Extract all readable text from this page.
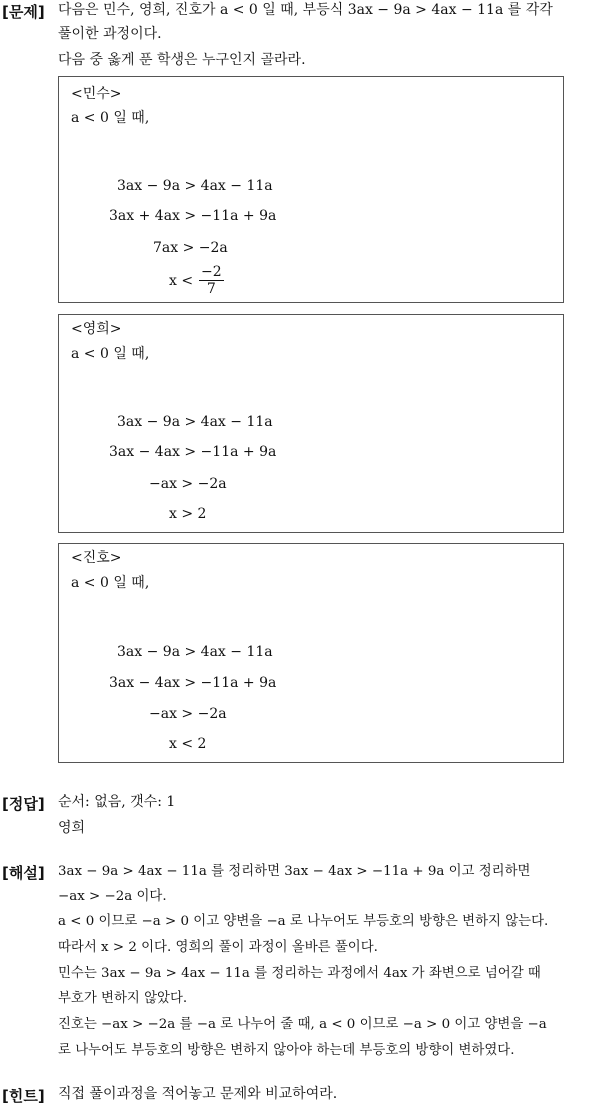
[문제] 다음은 민수, 영희, 진호가 a < 0 일 때, 부등식 3ax − 9a > 4ax − 11a 를 각각
풀이한 과정이다.
다음 중 옳게 푼 학생은 누구인지 골라라.
<민수>
a < 0 일 때,
3ax − 9a > 4ax − 11a
3ax + 4ax > −11a + 9a
7ax > −2a
$x < \frac{-2}{7}$
<영희>
a < 0 일 때,
3ax − 9a > 4ax − 11a
3ax − 4ax > −11a + 9a
−ax > −2a
x > 2
<진호>
a < 0 일 때,
3ax − 9a > 4ax − 11a
3ax − 4ax > −11a + 9a
−ax > −2a
x < 2
[정답] 순서: 없음, 갯수: 1
영희
[해설] 3ax − 9a > 4ax − 11a 를 정리하면 3ax − 4ax > −11a + 9a 이고 정리하면
−ax > −2a 이다.
a < 0 이므로 −a > 0 이고 양변을 −a 로 나누어도 부등호의 방향은 변하지 않는다.
따라서 x > 2 이다. 영희의 풀이 과정이 올바른 풀이다.
민수는 3ax − 9a > 4ax − 11a 를 정리하는 과정에서 4ax 가 좌변으로 넘어갈 때
부호가 변하지 않았다.
진호는 −ax > −2a 를 −a 로 나누어 줄 때, a < 0 이므로 −a > 0 이고 양변을 −a
로 나누어도 부등호의 방향은 변하지 않아야 하는데 부등호의 방향이 변하였다.
[힌트] 직접 풀이과정을 적어놓고 문제와 비교하여라.
